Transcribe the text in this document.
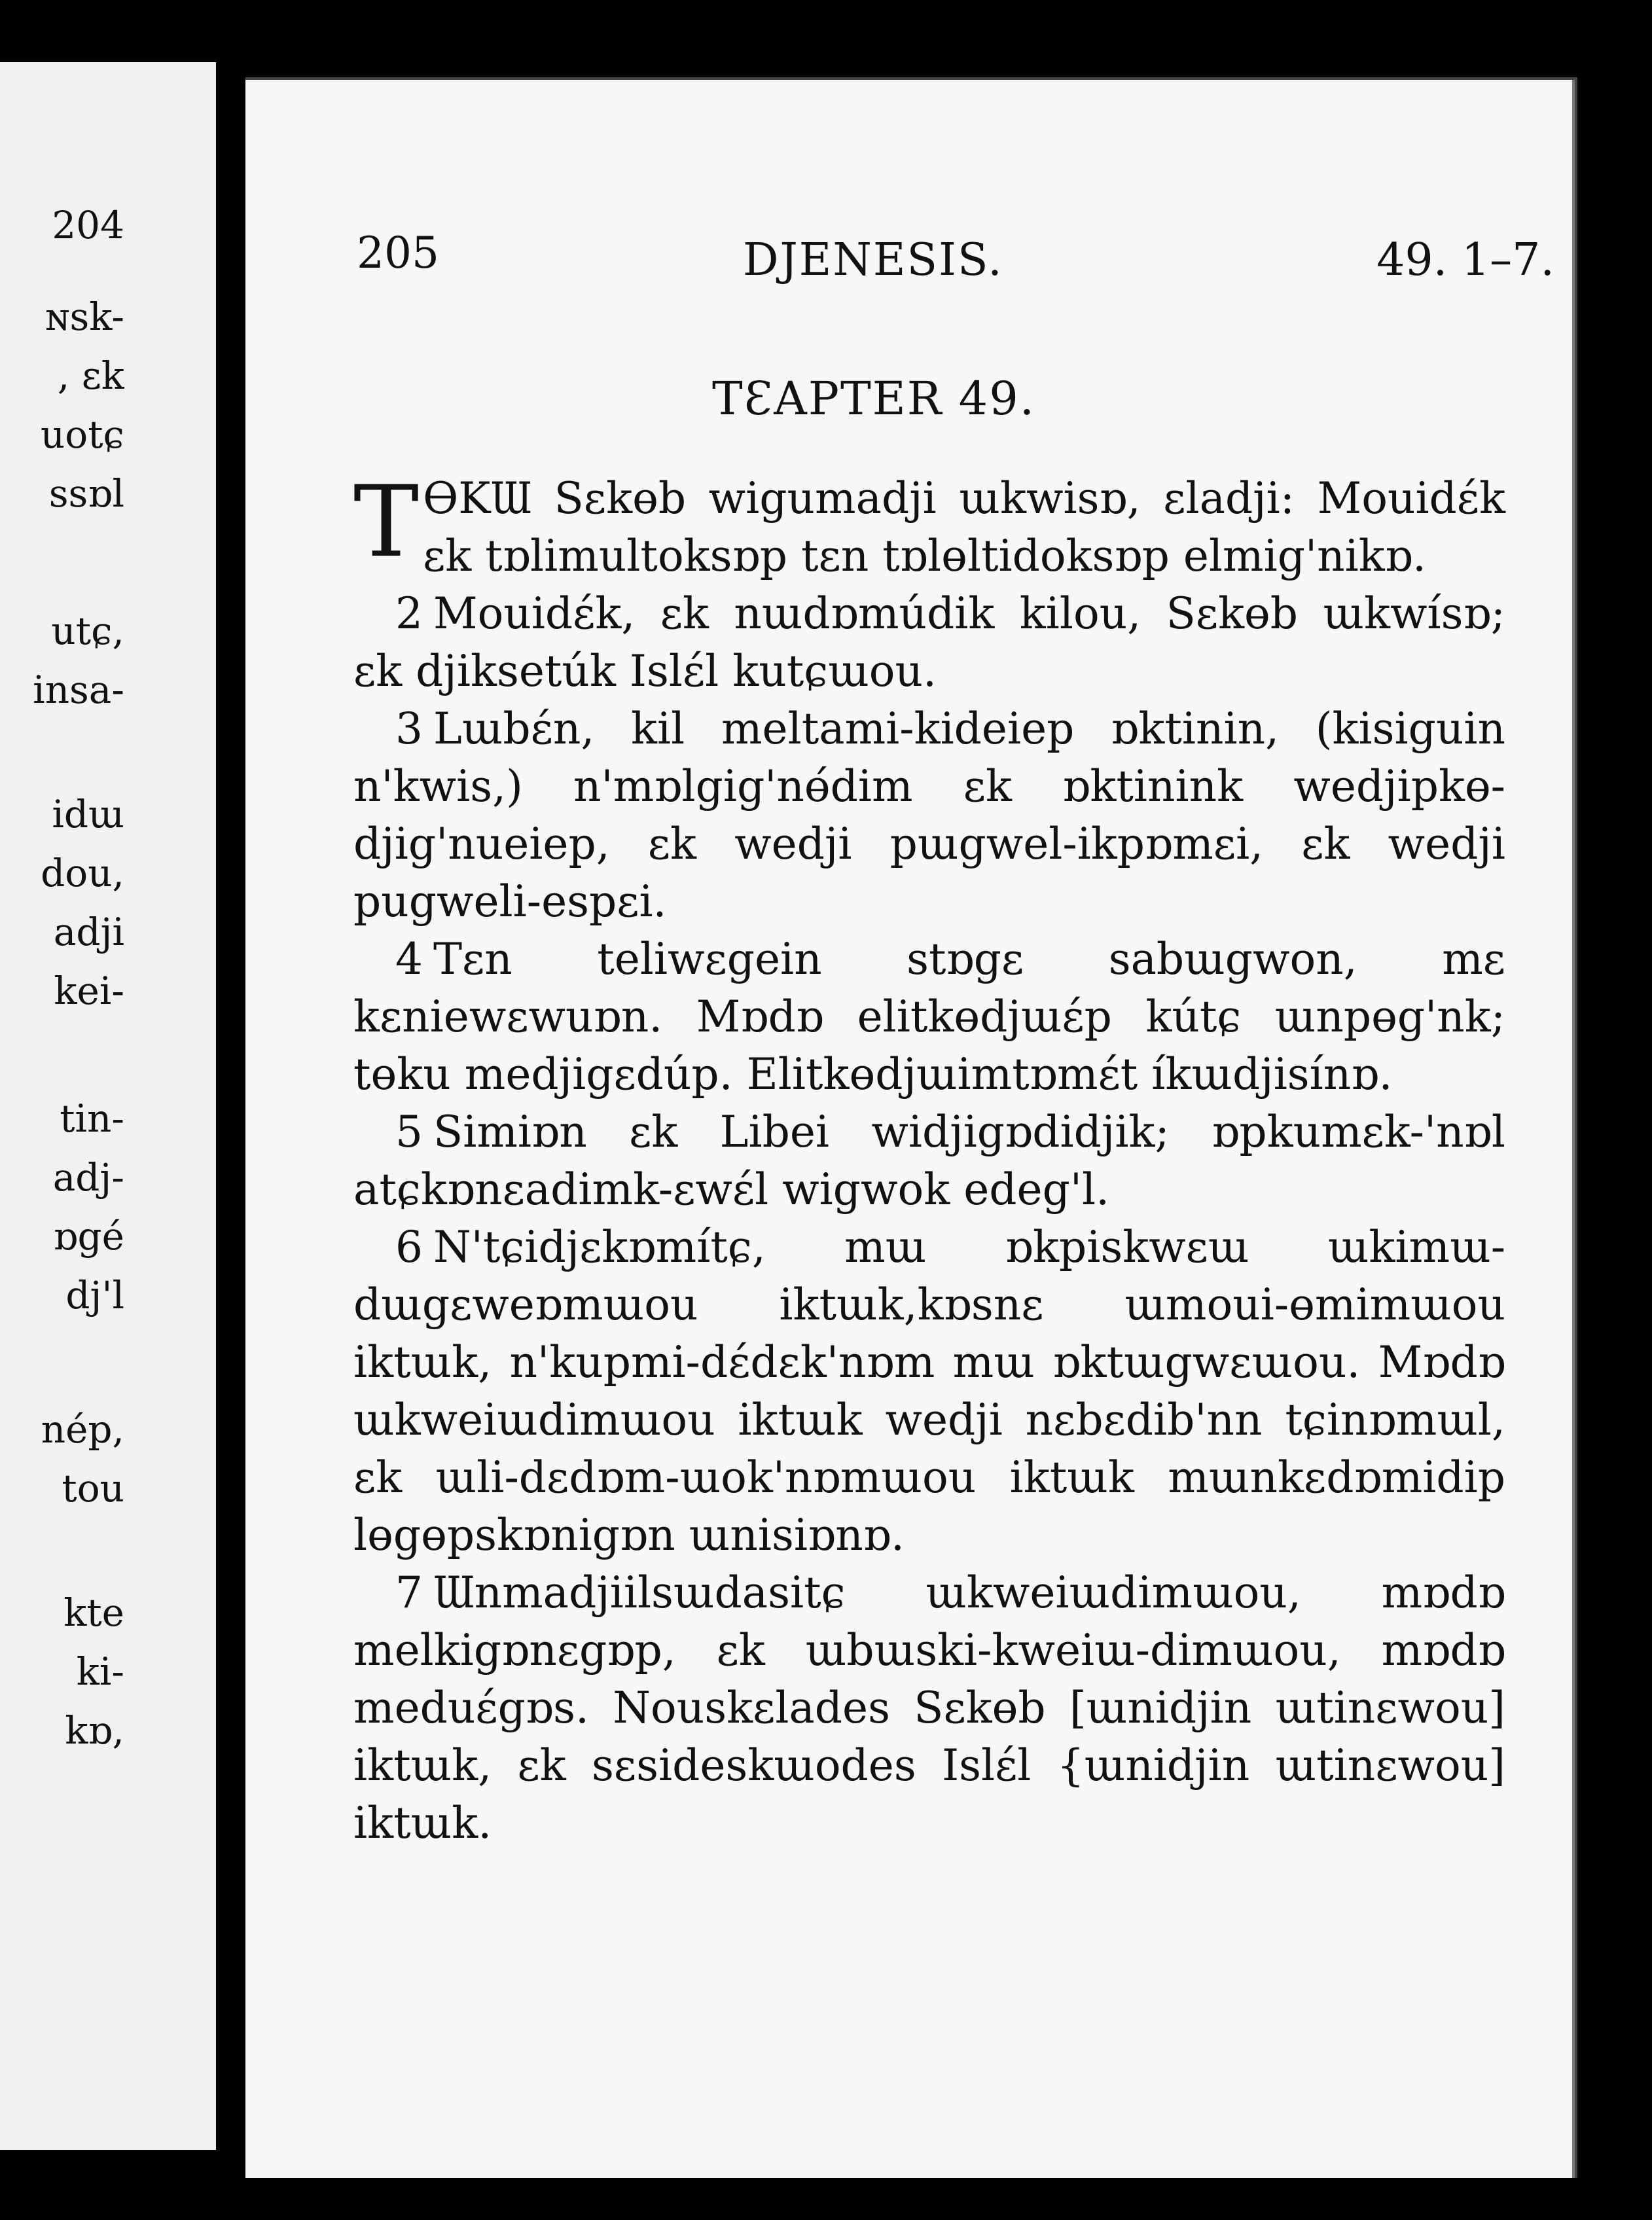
204
ɴsk-
, ɛk
uotɕ
ssɒl
utɕ,
insa-
idɯ
dou,
adji
kei-
tin-
adj-
ɒgé
dj'l
nép,
tou
kte
ki-
kɒ,
205	DJENESIS.	49. 1–7.
TƐAPTER 49.

TƟKƜ Sɛkɵb wigumadji ɯkwisɒ, ɛladji: Mouidɛ́k ɛk tɒlimultoksɒp tɛn tɒlɵltidoksɒp elmig'nikɒ.

2 Mouidɛ́k, ɛk nɯdɒmúdik kilou, Sɛkɵb ɯkwísɒ; ɛk djiksetúk Islɛ́l kutɕɯou.

3 Lɯbɛ́n, kil meltami-kideiep ɒktinin, (kisiguin n'kwis,) n'mɒlgig'nɵ́dim ɛk ɒktinink wedjipkɵ-djig'nueiep, ɛk wedji pɯgwel-ikpɒmɛi, ɛk wedji pugweli-espɛi.

4 Tɛn teliwɛgein stɒgɛ sabɯgwon, mɛ kɛniewɛwuɒn. Mɒdɒ elitkɵdjɯɛ́p kútɕ ɯnpɵg'nk; tɵku medjigɛdúp. Elitkɵdjɯimtɒmɛ́t íkɯdjisínɒ.

5 Simiɒn ɛk Libei widjigɒdidjik; ɒpkumɛk-'nɒl atɕkɒnɛadimk-ɛwɛ́l wigwok edeg'l.

6 N'tɕidjɛkɒmítɕ, mɯ ɒkpiskwɛɯ ɯkimɯ-dɯgɛweɒmɯou iktɯk,kɒsnɛ ɯmoui-ɵmimɯou iktɯk, n'kupmi-dɛ́dɛk'nɒm mɯ ɒktɯgwɛɯou. Mɒdɒ ɯkweiɯdimɯou iktɯk wedji nɛbɛdib'nn tɕinɒmɯl, ɛk ɯli-dɛdɒm-ɯok'nɒmɯou iktɯk mɯnkɛdɒmidip lɵgɵpskɒnigɒn ɯnisiɒnɒ.

7 Ɯnmadjiilsɯdasitɕ ɯkweiɯdimɯou, mɒdɒ melkigɒnɛgɒp, ɛk ɯbɯski-kweiɯ-dimɯou, mɒdɒ meduɛ́gɒs. Nouskɛlades Sɛkɵb [ɯnidjin ɯtinɛwou] iktɯk, ɛk sɛsideskɯodes Islɛ́l {ɯnidjin ɯtinɛwou] iktɯk.
